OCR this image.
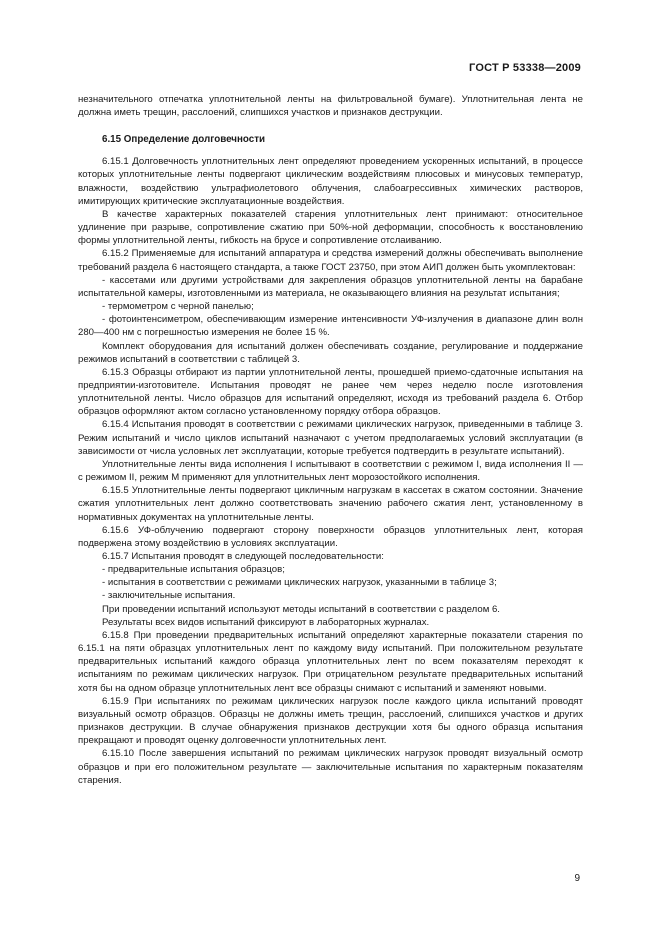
ГОСТ Р 53338—2009

незначительного отпечатка уплотнительной ленты на фильтровальной бумаге). Уплотнительная лента не должна иметь трещин, расслоений, слипшихся участков и признаков деструкции.

6.15 Определение долговечности

6.15.1 Долговечность уплотнительных лент определяют проведением ускоренных испытаний, в процессе которых уплотнительные ленты подвергают циклическим воздействиям плюсовых и минусовых температур, влажности, воздействию ультрафиолетового облучения, слабоагрессивных химических растворов, имитирующих критические эксплуатационные воздействия.

В качестве характерных показателей старения уплотнительных лент принимают: относительное удлинение при разрыве, сопротивление сжатию при 50%-ной деформации, способность к восстановлению формы уплотнительной ленты, гибкость на брусе и сопротивление отслаиванию.

6.15.2 Применяемые для испытаний аппаратура и средства измерений должны обеспечивать выполнение требований раздела 6 настоящего стандарта, а также ГОСТ 23750, при этом АИП должен быть укомплектован:

- кассетами или другими устройствами для закрепления образцов уплотнительной ленты на барабане испытательной камеры, изготовленными из материала, не оказывающего влияния на результат испытания;

- термометром с черной панелью;

- фотоинтенсиметром, обеспечивающим измерение интенсивности УФ-излучения в диапазоне длин волн 280—400 нм с погрешностью измерения не более 15 %.

Комплект оборудования для испытаний должен обеспечивать создание, регулирование и поддержание режимов испытаний в соответствии с таблицей 3.

6.15.3 Образцы отбирают из партии уплотнительной ленты, прошедшей приемо-сдаточные испытания на предприятии-изготовителе. Испытания проводят не ранее чем через неделю после изготовления уплотнительной ленты. Число образцов для испытаний определяют, исходя из требований раздела 6. Отбор образцов оформляют актом согласно установленному порядку отбора образцов.

6.15.4 Испытания проводят в соответствии с режимами циклических нагрузок, приведенными в таблице 3. Режим испытаний и число циклов испытаний назначают с учетом предполагаемых условий эксплуатации (в зависимости от числа условных лет эксплуатации, которые требуется подтвердить в результате испытаний).

Уплотнительные ленты вида исполнения I испытывают в соответствии с режимом I, вида исполнения II — с режимом II, режим М применяют для уплотнительных лент морозостойкого исполнения.

6.15.5 Уплотнительные ленты подвергают цикличным нагрузкам в кассетах в сжатом состоянии. Значение сжатия уплотнительных лент должно соответствовать значению рабочего сжатия лент, установленному в нормативных документах на уплотнительные ленты.

6.15.6 УФ-облучению подвергают сторону поверхности образцов уплотнительных лент, которая подвержена этому воздействию в условиях эксплуатации.

6.15.7 Испытания проводят в следующей последовательности:

- предварительные испытания образцов;

- испытания в соответствии с режимами циклических нагрузок, указанными в таблице 3;

- заключительные испытания.

При проведении испытаний используют методы испытаний в соответствии с разделом 6.

Результаты всех видов испытаний фиксируют в лабораторных журналах.

6.15.8 При проведении предварительных испытаний определяют характерные показатели старения по 6.15.1 на пяти образцах уплотнительных лент по каждому виду испытаний. При положительном результате предварительных испытаний каждого образца уплотнительных лент по всем показателям переходят к испытаниям по режимам циклических нагрузок. При отрицательном результате предварительных испытаний хотя бы на одном образце уплотнительных лент все образцы снимают с испытаний и заменяют новыми.

6.15.9 При испытаниях по режимам циклических нагрузок после каждого цикла испытаний проводят визуальный осмотр образцов. Образцы не должны иметь трещин, расслоений, слипшихся участков и других признаков деструкции. В случае обнаружения признаков деструкции хотя бы одного образца испытания прекращают и проводят оценку долговечности уплотнительных лент.

6.15.10 После завершения испытаний по режимам циклических нагрузок проводят визуальный осмотр образцов и при его положительном результате — заключительные испытания по характерным показателям старения.

9
